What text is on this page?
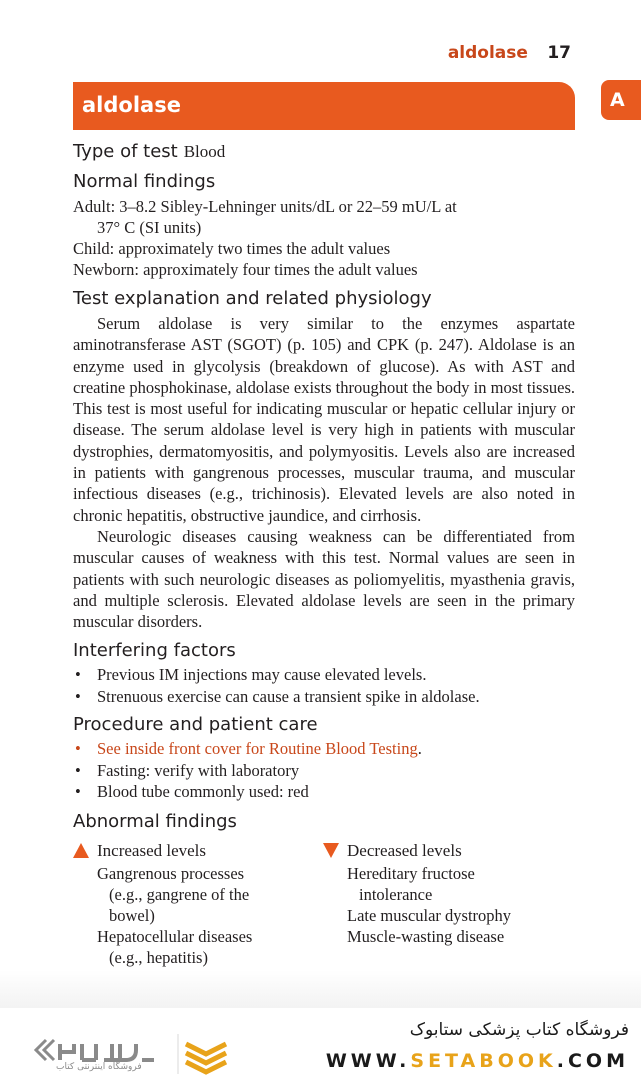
aldolase 17
A
aldolase
Type of test Blood
Normal findings
Adult: 3–8.2 Sibley-Lehninger units/dL or 22–59 mU/L at
37° C (SI units)
Child: approximately two times the adult values
Newborn: approximately four times the adult values
Test explanation and related physiology

Serum aldolase is very similar to the enzymes aspartate aminotransferase AST (SGOT) (p. 105) and CPK (p. 247). Aldolase is an enzyme used in glycolysis (breakdown of glucose). As with AST and creatine phosphokinase, aldolase exists throughout the body in most tissues. This test is most useful for indicating muscular or hepatic cellular injury or disease. The serum aldolase level is very high in patients with muscular dystrophies, dermatomyositis, and polymyositis. Levels also are increased in patients with gangrenous processes, muscular trauma, and muscular infectious diseases (e.g., trichinosis). Elevated levels are also noted in chronic hepatitis, obstructive jaundice, and cirrhosis.

Neurologic diseases causing weakness can be differentiated from muscular causes of weakness with this test. Normal values are seen in patients with such neurologic diseases as poliomyelitis, myasthenia gravis, and multiple sclerosis. Elevated aldolase levels are seen in the primary muscular disorders.

Interfering factors
• Previous IM injections may cause elevated levels.
• Strenuous exercise can cause a transient spike in aldolase.
Procedure and patient care
• See inside front cover for Routine Blood Testing.
• Fasting: verify with laboratory
• Blood tube commonly used: red
Abnormal findings
Increased levels
Gangrenous processes
(e.g., gangrene of the
bowel)
Hepatocellular diseases
(e.g., hepatitis)
Decreased levels
Hereditary fructose
intolerance
Late muscular dystrophy
Muscle-wasting disease
فروشگاه اینترنتی کتاب
فروشگاه کتاب پزشکی ستابوک
WWW.SETABOOK.COM
